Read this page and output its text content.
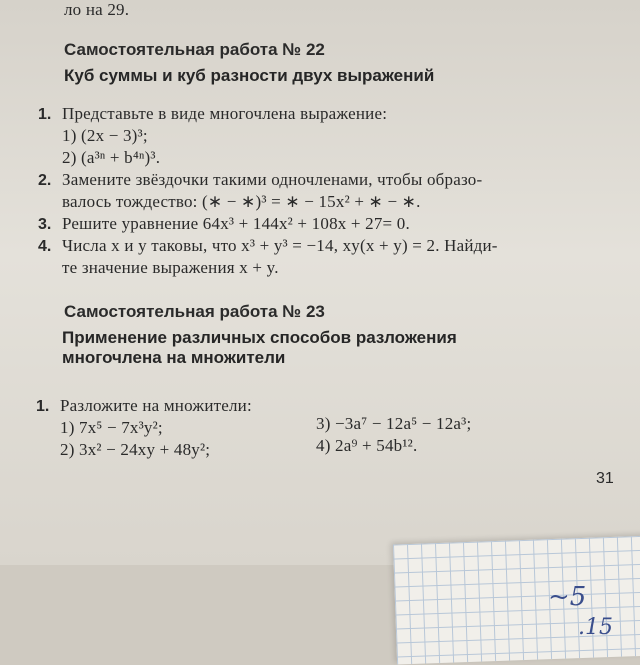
~5
.15
ло на 29.
Самостоятельная работа № 22
Куб суммы и куб разности двух выражений
1. Представьте в виде многочлена выражение:
1) (2x − 3)³;
2) (a³ⁿ + b⁴ⁿ)³.
2. Замените звёздочки такими одночленами, чтобы образо-
валось тождество: (∗ − ∗)³ = ∗ − 15x² + ∗ − ∗.
3. Решите уравнение 64x³ + 144x² + 108x + 27= 0.
4. Числа x и y таковы, что x³ + y³ = −14, xy(x + y) = 2. Найди-
те значение выражения x + y.
Самостоятельная работа № 23
Применение различных способов разложения
многочлена на множители
1. Разложите на множители:
1) 7x⁵ − 7x³y²;	3) −3a⁷ − 12a⁵ − 12a³;
2) 3x² − 24xy + 48y²;	4) 2a⁹ + 54b¹².
31
